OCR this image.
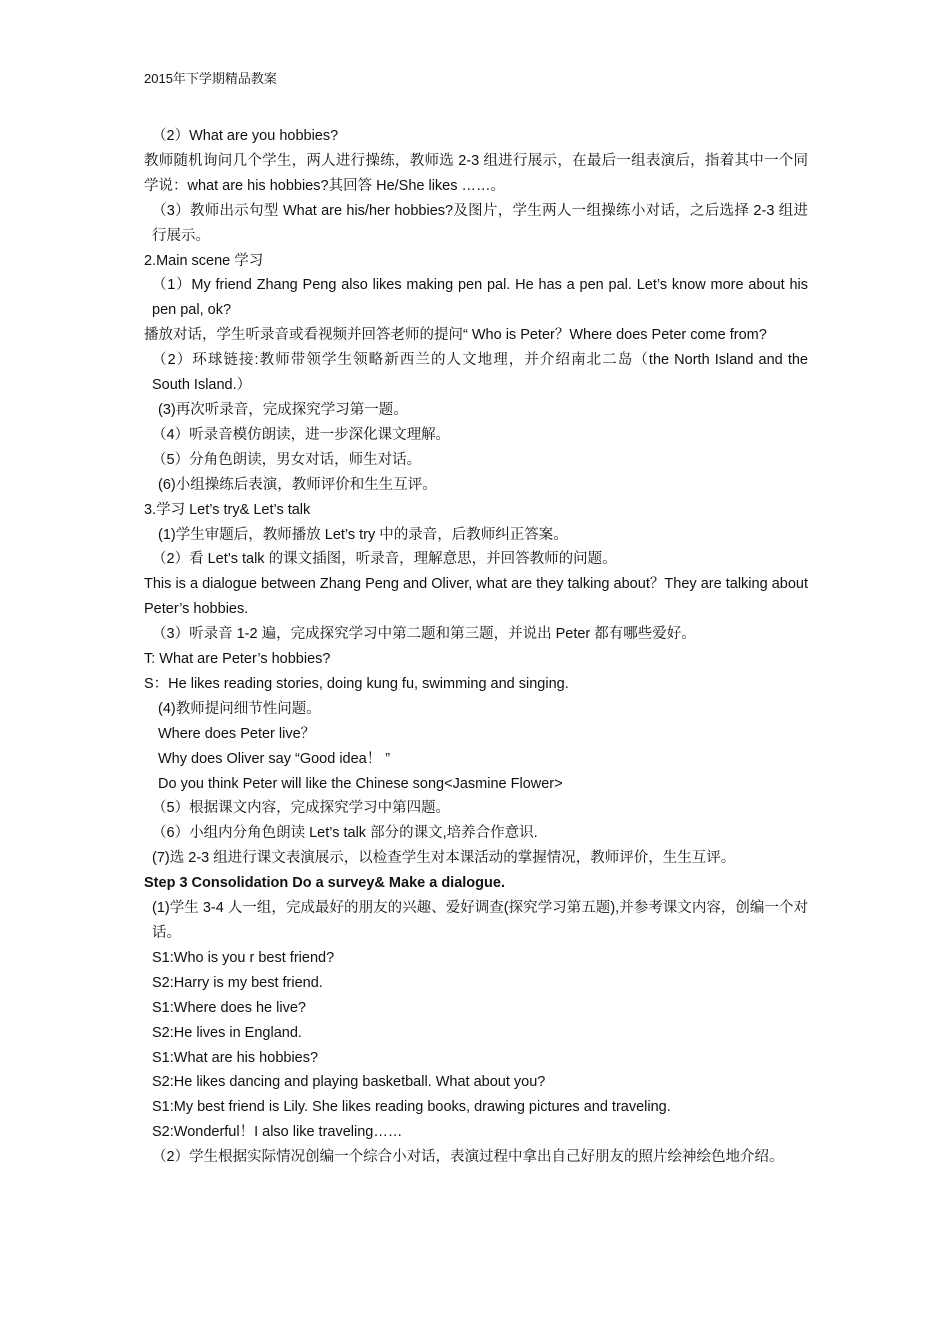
2015年下学期精品教案
（2）What are you hobbies?
教师随机询问几个学生，两人进行操练，教师选 2-3 组进行展示，在最后一组表演后，指着其中一个同学说：what are his hobbies?其回答 He/She likes ……。
（3）教师出示句型 What are his/her hobbies?及图片，学生两人一组操练小对话，之后选择 2-3 组进行展示。
2.Main scene 学习
（1）My friend Zhang Peng also likes making pen pal. He has a pen pal. Let’s know more about his pen pal, ok?
播放对话，学生听录音或看视频并回答老师的提问“ Who is Peter？Where does Peter come from?
（2）环球链接:教师带领学生领略新西兰的人文地理，并介绍南北二岛（the North Island and the South Island.）
(3)再次听录音，完成探究学习第一题。
（4）听录音模仿朗读，进一步深化课文理解。
（5）分角色朗读，男女对话，师生对话。
(6)小组操练后表演，教师评价和生生互评。
3.学习 Let’s try& Let’s talk
(1)学生审题后，教师播放 Let’s try 中的录音，后教师纠正答案。
（2）看 Let’s talk 的课文插图，听录音，理解意思，并回答教师的问题。
This is a dialogue between Zhang Peng and Oliver, what are they talking about？They are talking about Peter’s hobbies.
（3）听录音 1-2 遍，完成探究学习中第二题和第三题，并说出 Peter 都有哪些爱好。
T: What are Peter’s hobbies?
S：He likes reading stories, doing kung fu, swimming and singing.
(4)教师提问细节性问题。
Where does Peter live？
Why does Oliver say “Good idea！ ”
Do you think Peter will like the Chinese song<Jasmine Flower>
（5）根据课文内容，完成探究学习中第四题。
（6）小组内分角色朗读 Let’s talk 部分的课文,培养合作意识.
(7)选 2-3 组进行课文表演展示，以检查学生对本课活动的掌握情况，教师评价，生生互评。
Step 3 Consolidation Do a survey& Make a dialogue.
(1)学生 3-4 人一组，完成最好的朋友的兴趣、爱好调查(探究学习第五题),并参考课文内容，创编一个对话。
S1:Who is you r best friend?
S2:Harry is my best friend.
S1:Where does he live?
S2:He lives in England.
S1:What are his hobbies?
S2:He likes dancing and playing basketball. What about you?
S1:My best friend is Lily. She likes reading books, drawing pictures and traveling.
S2:Wonderful！I also like traveling……
（2）学生根据实际情况创编一个综合小对话，表演过程中拿出自己好朋友的照片绘神绘色地介绍。
